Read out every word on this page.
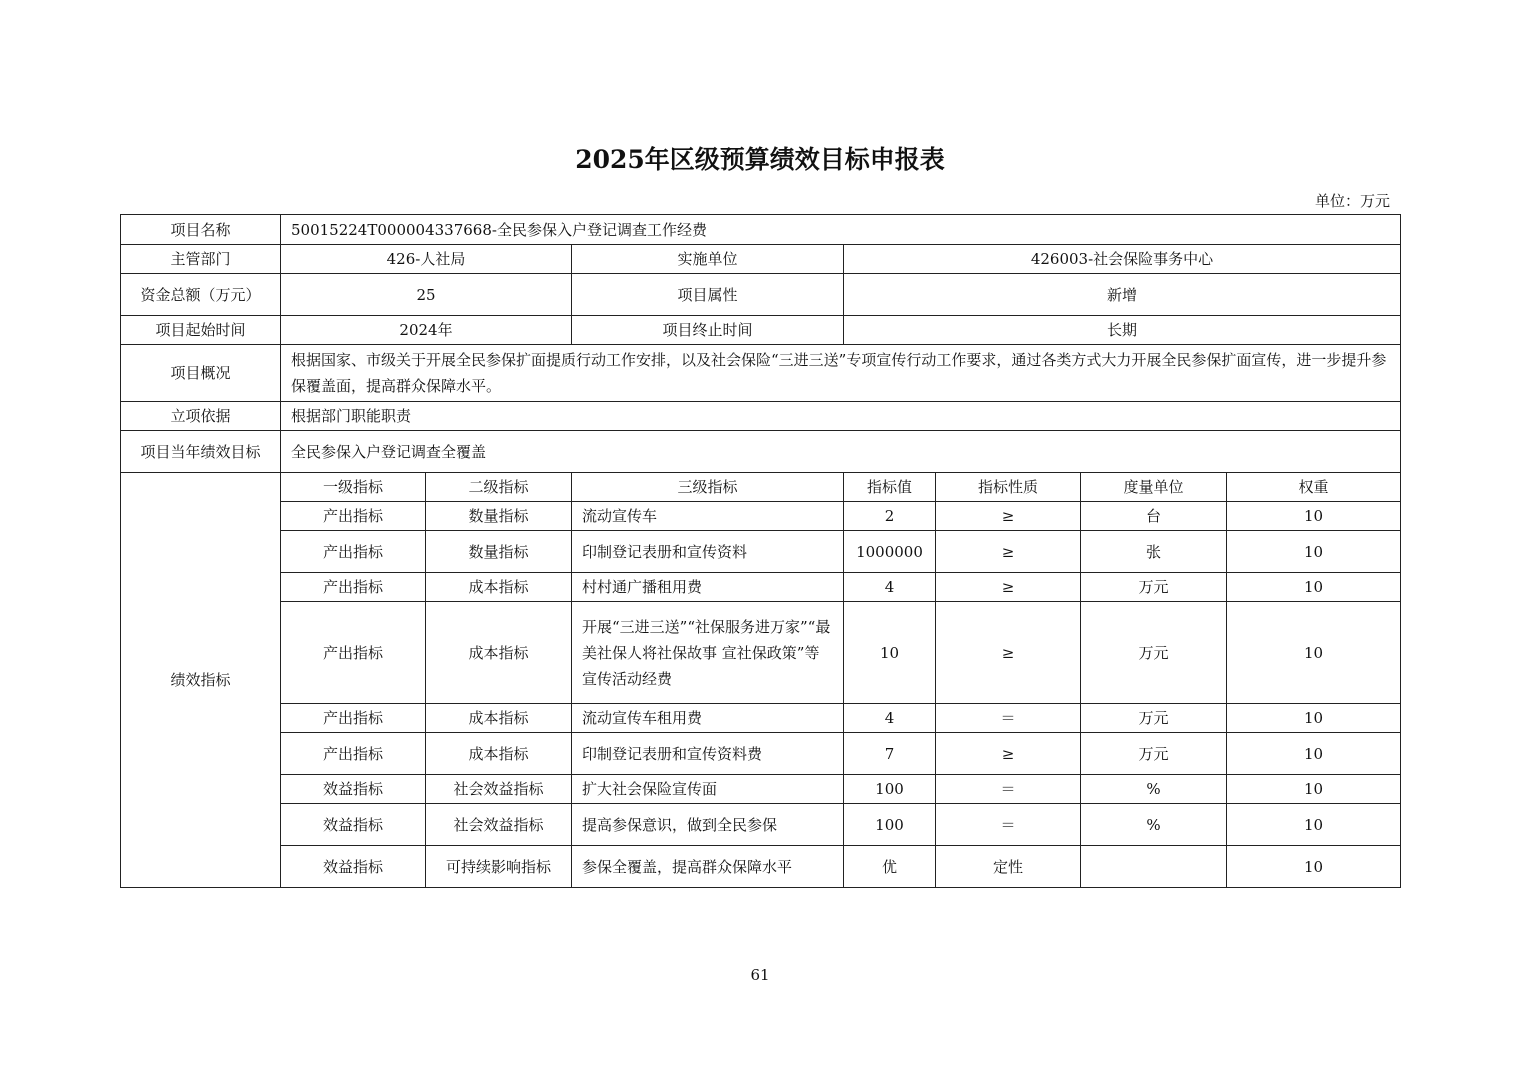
2025年区级预算绩效目标申报表
单位：万元
项目名称	50015224T000004337668-全民参保入户登记调查工作经费						
主管部门	426-人社局		实施单位	426003-社会保险事务中心			
资金总额（万元）	25		项目属性	新增			
项目起始时间	2024年		项目终止时间	长期			
项目概况	根据国家、市级关于开展全民参保扩面提质行动工作安排，以及社会保险“三进三送”专项宣传行动工作要求，通过各类方式大力开展全民参保扩面宣传，进一步提升参保覆盖面，提高群众保障水平。						
立项依据	根据部门职能职责						
项目当年绩效目标	全民参保入户登记调查全覆盖						
绩效指标	一级指标	二级指标	三级指标	指标值	指标性质	度量单位	权重
	产出指标	数量指标	流动宣传车	2	≥	台	10
	产出指标	数量指标	印制登记表册和宣传资料	1000000	≥	张	10
	产出指标	成本指标	村村通广播租用费	4	≥	万元	10
	产出指标	成本指标	开展“三进三送”“社保服务进万家”“最美社保人将社保故事 宣社保政策”等宣传活动经费	10	≥	万元	10
	产出指标	成本指标	流动宣传车租用费	4	＝	万元	10
	产出指标	成本指标	印制登记表册和宣传资料费	7	≥	万元	10
	效益指标	社会效益指标	扩大社会保险宣传面	100	＝	%	10
	效益指标	社会效益指标	提高参保意识，做到全民参保	100	＝	%	10
	效益指标	可持续影响指标	参保全覆盖，提高群众保障水平	优	定性		10
61
